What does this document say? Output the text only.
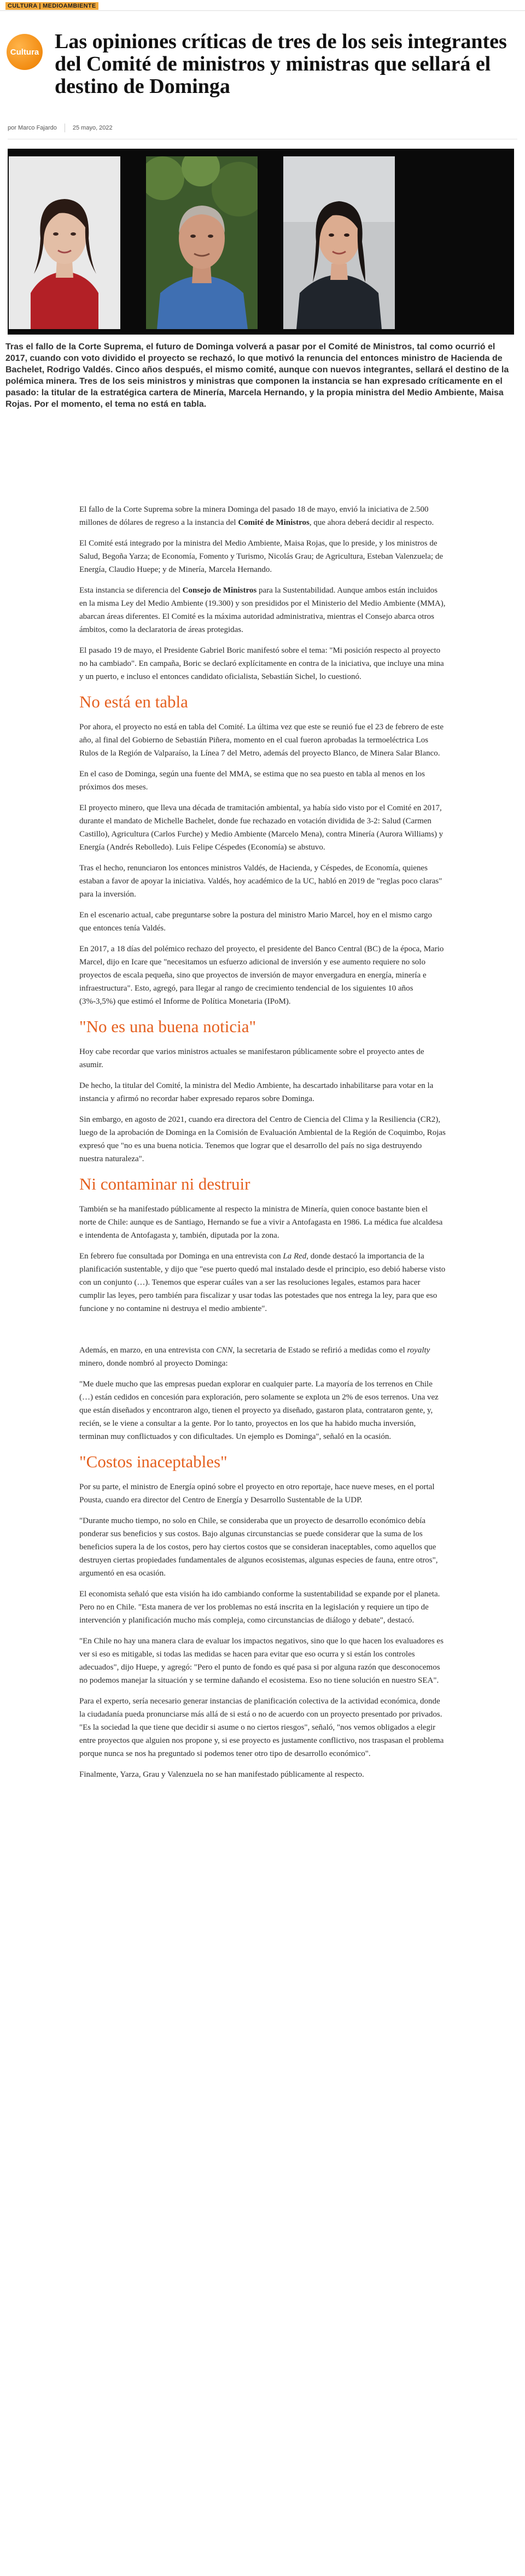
CULTURA | MEDIOAMBIENTE
Cultura Las opiniones críticas de tres de los seis integrantes del Comité de ministros y ministras que sellará el destino de Dominga
por Marco Fajardo	25 mayo, 2022

Tras el fallo de la Corte Suprema, el futuro de Dominga volverá a pasar por el Comité de Ministros, tal como ocurrió el 2017, cuando con voto dividido el proyecto se rechazó, lo que motivó la renuncia del entonces ministro de Hacienda de Bachelet, Rodrigo Valdés. Cinco años después, el mismo comité, aunque con nuevos integrantes, sellará el destino de la polémica minera. Tres de los seis ministros y ministras que componen la instancia se han expresado críticamente en el pasado: la titular de la estratégica cartera de Minería, Marcela Hernando, y la propia ministra del Medio Ambiente, Maisa Rojas. Por el momento, el tema no está en tabla.

El fallo de la Corte Suprema sobre la minera Dominga del pasado 18 de mayo, envió la iniciativa de 2.500 millones de dólares de regreso a la instancia del Comité de Ministros, que ahora deberá decidir al respecto.

El Comité está integrado por la ministra del Medio Ambiente, Maisa Rojas, que lo preside, y los ministros de Salud, Begoña Yarza; de Economía, Fomento y Turismo, Nicolás Grau; de Agricultura, Esteban Valenzuela; de Energía, Claudio Huepe; y de Minería, Marcela Hernando.

Esta instancia se diferencia del Consejo de Ministros para la Sustentabilidad. Aunque ambos están incluidos en la misma Ley del Medio Ambiente (19.300) y son presididos por el Ministerio del Medio Ambiente (MMA), abarcan áreas diferentes. El Comité es la máxima autoridad administrativa, mientras el Consejo abarca otros ámbitos, como la declaratoria de áreas protegidas.

El pasado 19 de mayo, el Presidente Gabriel Boric manifestó sobre el tema: "Mi posición respecto al proyecto no ha cambiado". En campaña, Boric se declaró explícitamente en contra de la iniciativa, que incluye una mina y un puerto, e incluso el entonces candidato oficialista, Sebastián Sichel, lo cuestionó.

No está en tabla

Por ahora, el proyecto no está en tabla del Comité. La última vez que este se reunió fue el 23 de febrero de este año, al final del Gobierno de Sebastián Piñera, momento en el cual fueron aprobadas la termoeléctrica Los Rulos de la Región de Valparaíso, la Línea 7 del Metro, además del proyecto Blanco, de Minera Salar Blanco.

En el caso de Dominga, según una fuente del MMA, se estima que no sea puesto en tabla al menos en los próximos dos meses.

El proyecto minero, que lleva una década de tramitación ambiental, ya había sido visto por el Comité en 2017, durante el mandato de Michelle Bachelet, donde fue rechazado en votación dividida de 3-2: Salud (Carmen Castillo), Agricultura (Carlos Furche) y Medio Ambiente (Marcelo Mena), contra Minería (Aurora Williams) y Energía (Andrés Rebolledo). Luis Felipe Céspedes (Economía) se abstuvo.

Tras el hecho, renunciaron los entonces ministros Valdés, de Hacienda, y Céspedes, de Economía, quienes estaban a favor de apoyar la iniciativa. Valdés, hoy académico de la UC, habló en 2019 de "reglas poco claras" para la inversión.

En el escenario actual, cabe preguntarse sobre la postura del ministro Mario Marcel, hoy en el mismo cargo que entonces tenía Valdés.

En 2017, a 18 días del polémico rechazo del proyecto, el presidente del Banco Central (BC) de la época, Mario Marcel, dijo en Icare que "necesitamos un esfuerzo adicional de inversión y ese aumento requiere no solo proyectos de escala pequeña, sino que proyectos de inversión de mayor envergadura en energía, minería e infraestructura". Esto, agregó, para llegar al rango de crecimiento tendencial de los siguientes 10 años (3%-3,5%) que estimó el Informe de Política Monetaria (IPoM).

"No es una buena noticia"

Hoy cabe recordar que varios ministros actuales se manifestaron públicamente sobre el proyecto antes de asumir.

De hecho, la titular del Comité, la ministra del Medio Ambiente, ha descartado inhabilitarse para votar en la instancia y afirmó no recordar haber expresado reparos sobre Dominga.

Sin embargo, en agosto de 2021, cuando era directora del Centro de Ciencia del Clima y la Resiliencia (CR2), luego de la aprobación de Dominga en la Comisión de Evaluación Ambiental de la Región de Coquimbo, Rojas expresó que "no es una buena noticia. Tenemos que lograr que el desarrollo del país no siga destruyendo nuestra naturaleza".

Ni contaminar ni destruir

También se ha manifestado públicamente al respecto la ministra de Minería, quien conoce bastante bien el norte de Chile: aunque es de Santiago, Hernando se fue a vivir a Antofagasta en 1986. La médica fue alcaldesa e intendenta de Antofagasta y, también, diputada por la zona.

En febrero fue consultada por Dominga en una entrevista con La Red, donde destacó la importancia de la planificación sustentable, y dijo que "ese puerto quedó mal instalado desde el principio, eso debió haberse visto con un conjunto (…). Tenemos que esperar cuáles van a ser las resoluciones legales, estamos para hacer cumplir las leyes, pero también para fiscalizar y usar todas las potestades que nos entrega la ley, para que eso funcione y no contamine ni destruya el medio ambiente".

Además, en marzo, en una entrevista con CNN, la secretaria de Estado se refirió a medidas como el royalty minero, donde nombró al proyecto Dominga:

"Me duele mucho que las empresas puedan explorar en cualquier parte. La mayoría de los terrenos en Chile (…) están cedidos en concesión para exploración, pero solamente se explota un 2% de esos terrenos. Una vez que están diseñados y encontraron algo, tienen el proyecto ya diseñado, gastaron plata, contrataron gente, y, recién, se le viene a consultar a la gente. Por lo tanto, proyectos en los que ha habido mucha inversión, terminan muy conflictuados y con dificultades. Un ejemplo es Dominga", señaló en la ocasión.

"Costos inaceptables"

Por su parte, el ministro de Energía opinó sobre el proyecto en otro reportaje, hace nueve meses, en el portal Pousta, cuando era director del Centro de Energía y Desarrollo Sustentable de la UDP.

"Durante mucho tiempo, no solo en Chile, se consideraba que un proyecto de desarrollo económico debía ponderar sus beneficios y sus costos. Bajo algunas circunstancias se puede considerar que la suma de los beneficios supera la de los costos, pero hay ciertos costos que se consideran inaceptables, como aquellos que destruyen ciertas propiedades fundamentales de algunos ecosistemas, algunas especies de fauna, entre otros", argumentó en esa ocasión.

El economista señaló que esta visión ha ido cambiando conforme la sustentabilidad se expande por el planeta. Pero no en Chile. "Esta manera de ver los problemas no está inscrita en la legislación y requiere un tipo de intervención y planificación mucho más compleja, como circunstancias de diálogo y debate", destacó.

"En Chile no hay una manera clara de evaluar los impactos negativos, sino que lo que hacen los evaluadores es ver si eso es mitigable, si todas las medidas se hacen para evitar que eso ocurra y si están los controles adecuados", dijo Huepe, y agregó: "Pero el punto de fondo es qué pasa si por alguna razón que desconocemos no podemos manejar la situación y se termine dañando el ecosistema. Eso no tiene solución en nuestro SEA".

Para el experto, sería necesario generar instancias de planificación colectiva de la actividad económica, donde la ciudadanía pueda pronunciarse más allá de si está o no de acuerdo con un proyecto presentado por privados. "Es la sociedad la que tiene que decidir si asume o no ciertos riesgos", señaló, "nos vemos obligados a elegir entre proyectos que alguien nos propone y, si ese proyecto es justamente conflictivo, nos traspasan el problema porque nunca se nos ha preguntado si podemos tener otro tipo de desarrollo económico".

Finalmente, Yarza, Grau y Valenzuela no se han manifestado públicamente al respecto.
